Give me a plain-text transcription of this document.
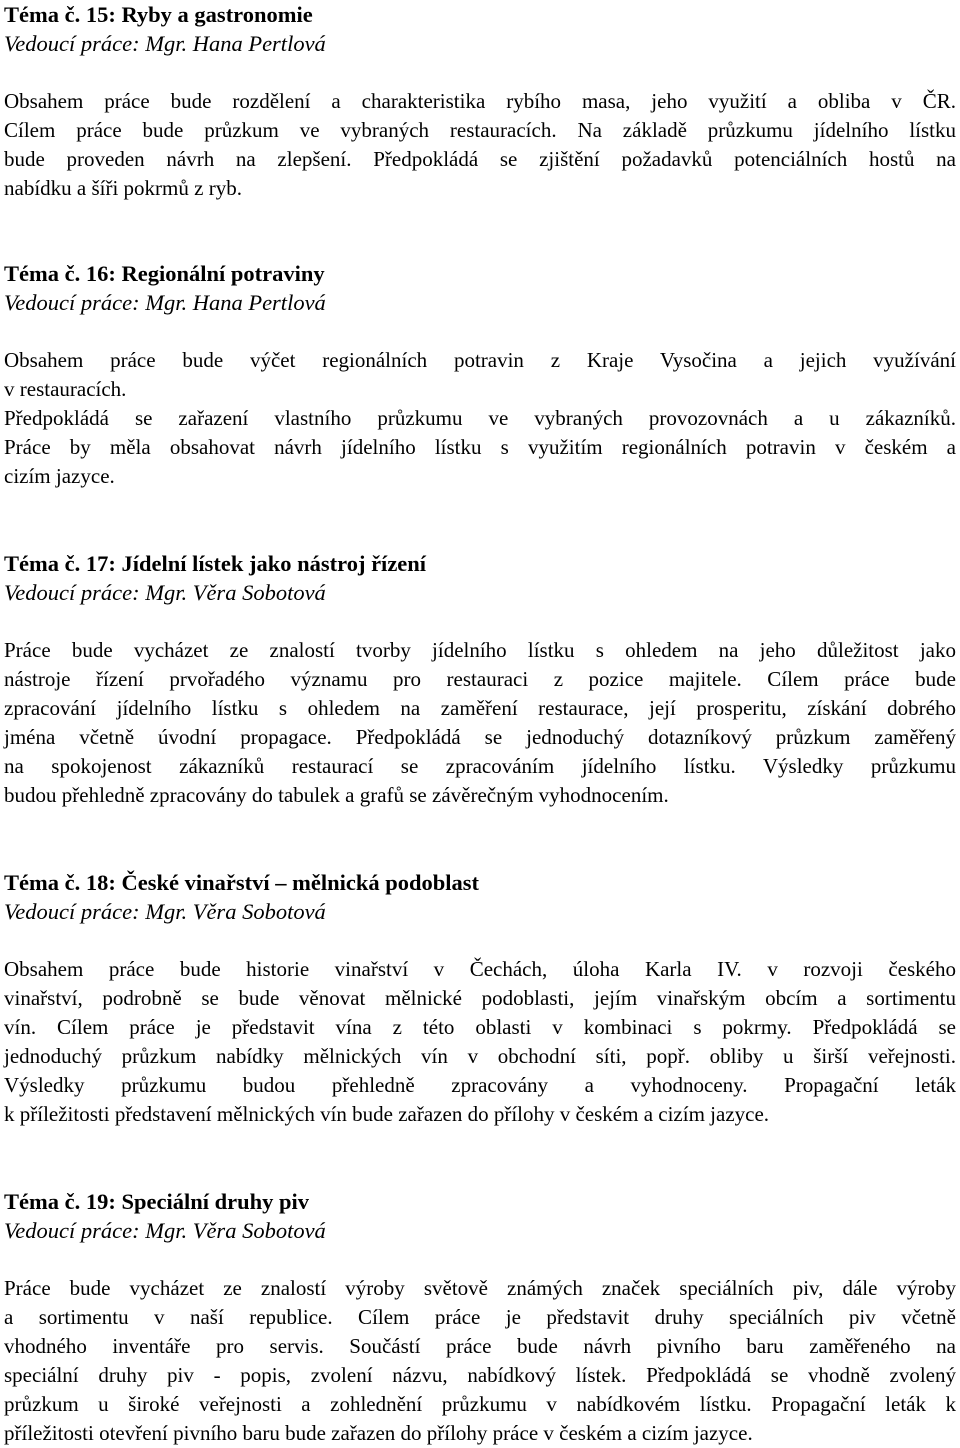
Téma č. 15: Ryby a gastronomie
Vedoucí práce: Mgr. Hana Pertlová
Obsahem práce bude rozdělení a charakteristika rybího masa, jeho využití a obliba v ČR.
Cílem práce bude průzkum ve vybraných restauracích. Na základě průzkumu jídelního lístku
bude proveden návrh na zlepšení. Předpokládá se zjištění požadavků potenciálních hostů na
nabídku a šíři pokrmů z ryb.
Téma č. 16: Regionální potraviny
Vedoucí práce: Mgr. Hana Pertlová
Obsahem práce bude výčet regionálních potravin z Kraje Vysočina a jejich využívání
v restauracích.
Předpokládá se zařazení vlastního průzkumu ve vybraných provozovnách a u zákazníků.
Práce by měla obsahovat návrh jídelního lístku s využitím regionálních potravin v českém a
cizím jazyce.
Téma č. 17: Jídelní lístek jako nástroj řízení
Vedoucí práce: Mgr. Věra Sobotová
Práce bude vycházet ze znalostí tvorby jídelního lístku s ohledem na jeho důležitost jako
nástroje řízení prvořadého významu pro restauraci z pozice majitele. Cílem práce bude
zpracování jídelního lístku s ohledem na zaměření restaurace, její prosperitu, získání dobrého
jména včetně úvodní propagace. Předpokládá se jednoduchý dotazníkový průzkum zaměřený
na spokojenost zákazníků restaurací se zpracováním jídelního lístku. Výsledky průzkumu
budou přehledně zpracovány do tabulek a grafů se závěrečným vyhodnocením.
Téma č. 18: České vinařství – mělnická podoblast
Vedoucí práce: Mgr. Věra Sobotová
Obsahem práce bude historie vinařství v Čechách, úloha Karla IV. v rozvoji českého
vinařství, podrobně se bude věnovat mělnické podoblasti, jejím vinařským obcím a sortimentu
vín. Cílem práce je představit vína z této oblasti v kombinaci s pokrmy. Předpokládá se
jednoduchý průzkum nabídky mělnických vín v obchodní síti, popř. obliby u širší veřejnosti.
Výsledky průzkumu budou přehledně zpracovány a vyhodnoceny. Propagační leták
k příležitosti představení mělnických vín bude zařazen do přílohy v českém a cizím jazyce.
Téma č. 19: Speciální druhy piv
Vedoucí práce: Mgr. Věra Sobotová
Práce bude vycházet ze znalostí výroby světově známých značek speciálních piv, dále výroby
a sortimentu v naší republice. Cílem práce je představit druhy speciálních piv včetně
vhodného inventáře pro servis. Součástí práce bude návrh pivního baru zaměřeného na
speciální druhy piv - popis, zvolení názvu, nabídkový lístek. Předpokládá se vhodně zvolený
průzkum u široké veřejnosti a zohlednění průzkumu v nabídkovém lístku. Propagační leták k
příležitosti otevření pivního baru bude zařazen do přílohy práce v českém a cizím jazyce.
